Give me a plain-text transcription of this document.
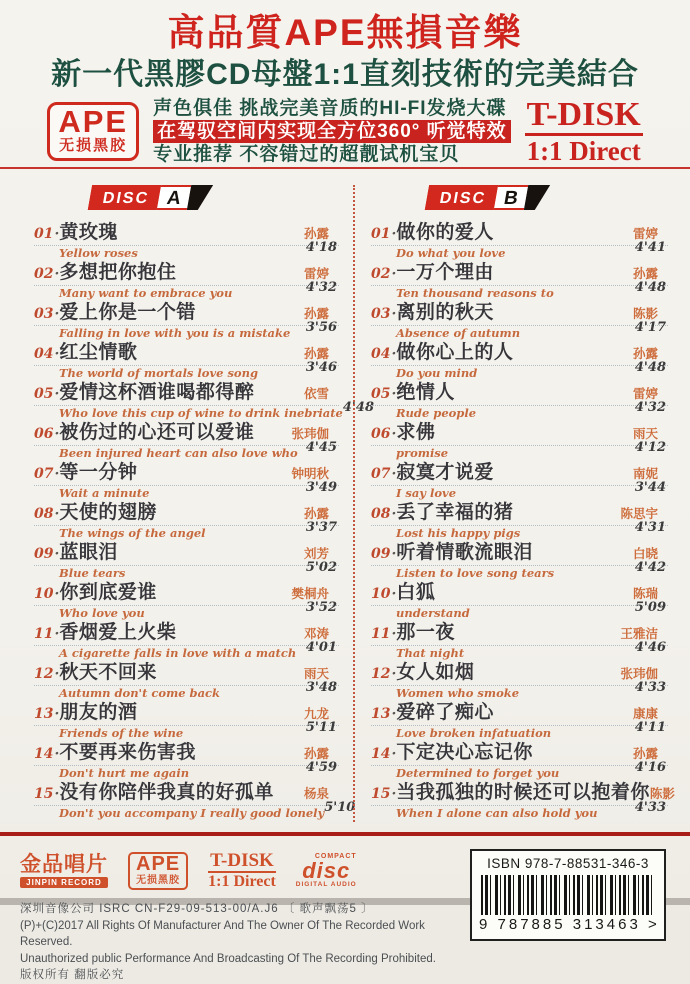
高品質APE無損音樂
新一代黑膠CD母盤1:1直刻技術的完美結合
APE
无损黑胶
声色俱佳 挑战完美音质的HI-FI发烧大碟
在驾驭空间内实现全方位360° 听觉特效
专业推荐 不容错过的超靓试机宝贝
T-DISK
1:1 Direct
DISC A
01 · 黄玫瑰	孙露
Yellow roses	4'18
02 · 多想把你抱住	雷婷
Many want to embrace you	4'32
03 · 爱上你是一个错	孙露
Falling in love with you is a mistake 3'56
04 · 红尘情歌	孙露
The world of mortals love song	3'46
05 · 爱情这杯酒谁喝都得醉	依雪
Who love this cup of wine to drink inebriate 4'48
06 · 被伤过的心还可以爱谁	张玮伽
Been injured heart can also love who 4'45
07 · 等一分钟	钟明秋
Wait a minute	3'49
08 · 天使的翅膀	孙露
The wings of the angel	3'37
09 · 蓝眼泪	刘芳
Blue tears	5'02
10 · 你到底爱谁	樊桐舟
Who love you	3'52
11 · 香烟爱上火柴	邓涛
A cigarette falls in love with a match 4'01
12 · 秋天不回来	雨天
Autumn don't come back	3'48
13 · 朋友的酒	九龙
Friends of the wine	5'11
14 · 不要再来伤害我	孙露
Don't hurt me again	4'59
15 · 没有你陪伴我真的好孤单 杨泉
Don't you accompany I really good lonely 5'10
DISC B
01 · 做你的爱人	雷婷
Do what you love	4'41
02 · 一万个理由	孙露
Ten thousand reasons to	4'48
03 · 离别的秋天	陈影
Absence of autumn	4'17
04 · 做你心上的人	孙露
Do you mind	4'48
05 · 绝情人	雷婷
Rude people	4'32
06 · 求佛	雨天
promise	4'12
07 · 寂寞才说爱	南妮
I say love	3'44
08 · 丢了幸福的猪	陈思宇
Lost his happy pigs	4'31
09 · 听着情歌流眼泪	白晓
Listen to love song tears	4'42
10 · 白狐	陈瑞
understand	5'09
11 · 那一夜	王雅洁
That night	4'46
12 · 女人如烟	张玮伽
Women who smoke	4'33
13 · 爱碎了痴心	康康
Love broken infatuation	4'11
14 · 下定决心忘记你	孙露
Determined to forget you	4'16
15 · 当我孤独的时候还可以抱着你 陈影
When I alone can also hold you	4'33
金品唱片
JINPIN RECORD
APE
无损黑胶
T-DISK
1:1 Direct
COMPACT
disc
DIGITAL AUDIO
深圳音像公司 ISRC CN-F29-09-513-00/A.J6 〔 歌声飘荡5 〕
(P)+(C)2017 All Rights Of Manufacturer And The Owner Of The Recorded Work Reserved.
Unauthorized public Performance And Broadcasting Of The Recording Prohibited.
版权所有 翻版必究
ISBN 978-7-88531-346-3
9 787885 313463 >
